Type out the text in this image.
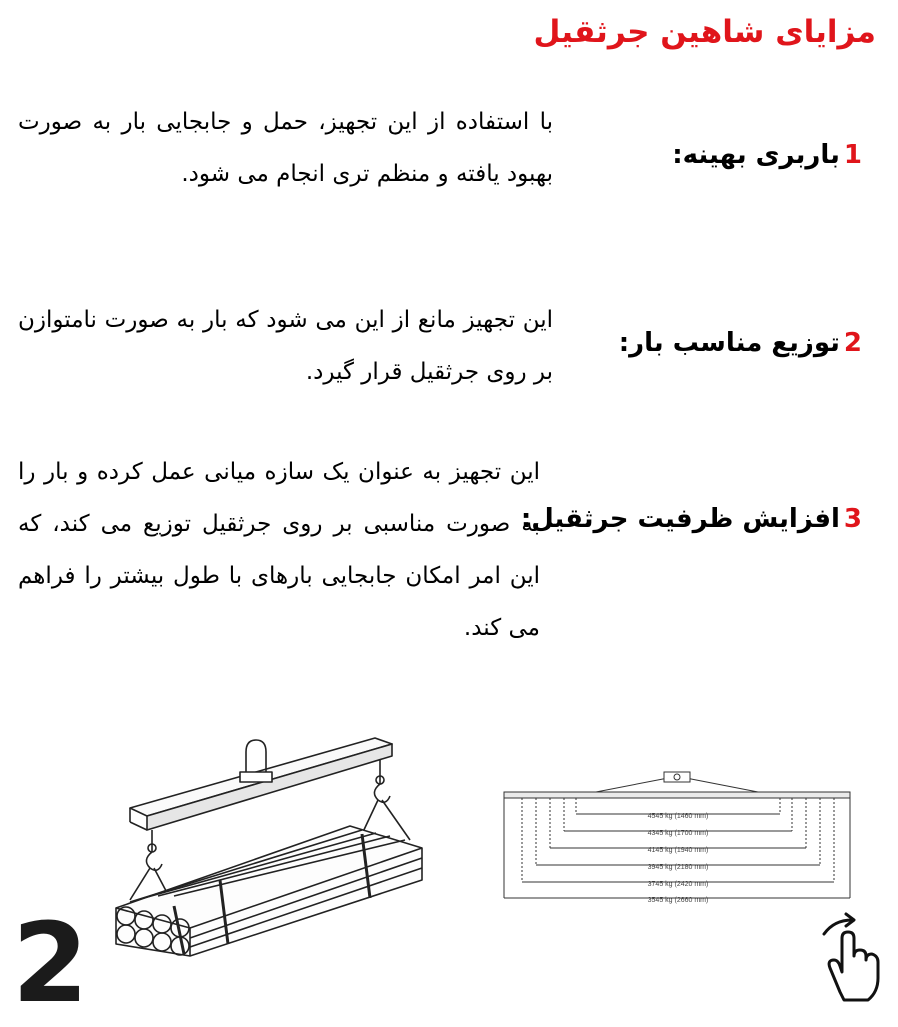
مزایای شاهین جرثقیل
1باربری بهینه:

با استفاده از این تجهیز، حمل و جابجایی بار به صورت بهبود یافته و منظم تری انجام می شود.

2توزیع مناسب بار:

این تجهیز مانع از این می شود که بار به صورت نامتوازن بر روی جرثقیل قرار گیرد.

3افزایش ظرفیت جرثقیل:

این تجهیز به عنوان یک سازه میانی عمل کرده و بار را به صورت مناسبی بر روی جرثقیل توزیع می کند، که این امر امکان جابجایی بارهای با طول بیشتر را فراهم می کند.

4545 kg (1460 mm)
4345 kg (1700 mm)
4145 kg (1940 mm)
3945 kg (2180 mm)
3745 kg (2420 mm)
3545 kg (2660 mm)
2
